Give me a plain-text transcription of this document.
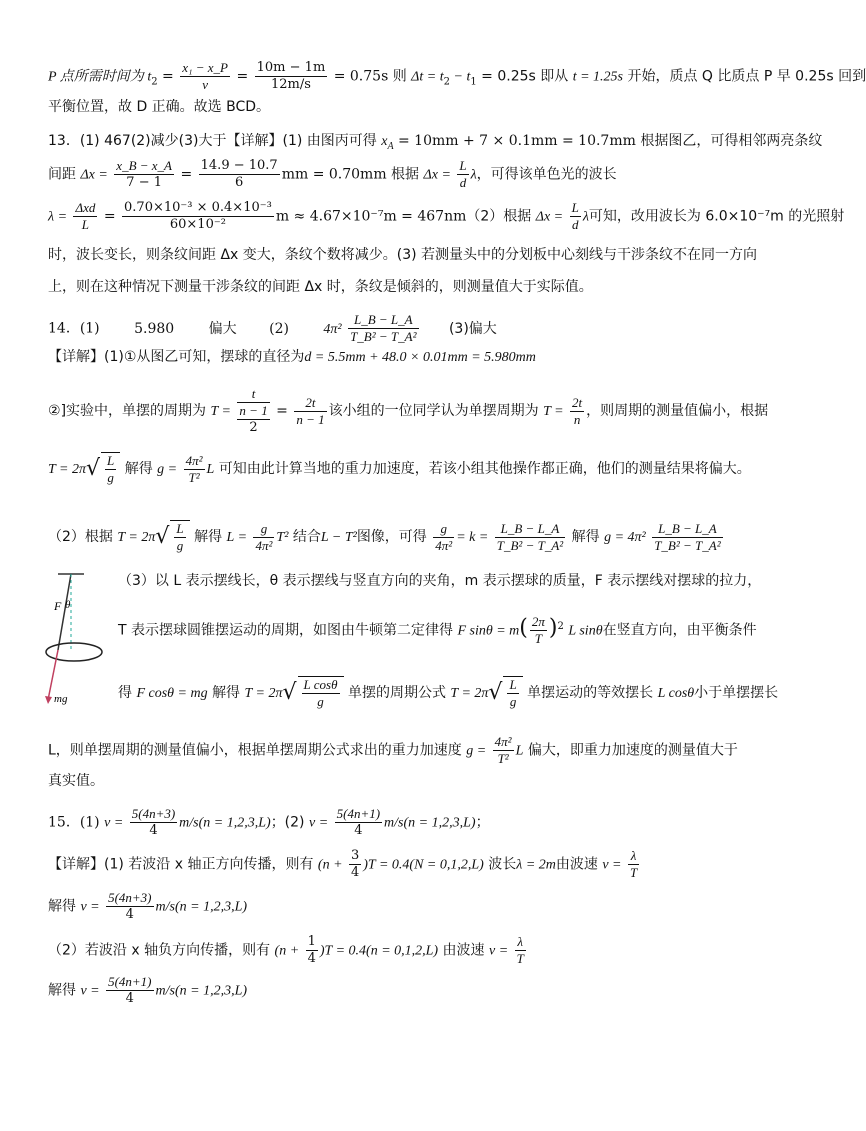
P 点所需时间为 $t_2 = \frac{\text{x₁ − x\_P}}{v} = \frac{10m - 1m}{12m/s} = 0.75s$ 则 $\Delta t = t_2 - t_1 = 0.25s$ 即从 t = 1.25s 开始，质点 Q 比质点 P 早 0.25s 回到
平衡位置，故 D 正确。故选 BCD。
13．(1) 467(2)减少(3)大于【详解】(1) 由图丙可得 $x_A = 10mm + 7 \times 0.1mm = 10.7mm$ 根据图乙，可得相邻两亮条纹
间距 $\Delta x = \frac{x\_B - x\_A}{7 - 1} = \frac{14.9 - 10.7}{6}$ mm = 0.70mm 根据 $\Delta x = \frac{L}{d}$ λ，可得该单色光的波长
$\lambda = \frac{\text{Δxd}}{L} = \frac{\text{0.70×10⁻³ × 0.4×10⁻³}}{\text{60×10⁻²}}$ m ≈ 4.67×10⁻⁷m = 467nm（2）根据 $\Delta x = \frac{L}{d}$ λ可知，改用波长为 6.0×10⁻⁷m 的光照射
时，波长变长，则条纹间距 Δx 变大，条纹个数将减少。(3) 若测量头中的分划板中心刻线与干涉条纹不在同一方向
上，则在这种情况下测量干涉条纹的间距 Δx 时，条纹是倾斜的，则测量值大于实际值。
14．(1) 5.980 偏大 (2) $4\pi^2 \frac{L\_B - L\_A}{\text{T\_B² − T\_A²}} (3)$偏大
【详解】(1)①从图乙可知，摆球的直径为d = 5.5mm + 48.0 × 0.01mm = 5.980mm
②]实验中，单摆的周期为 T =
t
n − 1
2
= $\frac{2t}{n - 1}$ 该小组的一位同学认为单摆周期为 $T = \frac{2t}{n}$ ，则周期的测量值偏小，根据
$T = 2\pi√ \frac{L}{g}$ 解得 $g = \frac{\text{4π²}}{\text{T²}}$ L 可知由此计算当地的重力加速度，若该小组其他操作都正确，他们的测量结果将偏大。
（2）根据 $T = 2\pi√ \frac{L}{g}$ 解得 $L = \frac{g}{\text{4π²}} T^2$ 结合L − T²图像，可得 $\frac{g}{\text{4π²}} = k = \frac{L\_B - L\_A}{\text{T\_B² − T\_A²}}$ 解得 $g = 4\pi^2 \frac{L\_B - L\_A}{\text{T\_B² − T\_A²}}$
F θ
mg
（3）以 L 表示摆线长，θ 表示摆线与竖直方向的夹角，m 表示摆球的质量，F 表示摆线对摆球的拉力，
T 表示摆球圆锥摆运动的周期，如图由牛顿第二定律得 F $\sin\theta = m( \frac{2\pi}{T} )^2$ L sinθ在竖直方向，由平衡条件
得 F cosθ = mg 解得 $T = 2\pi√ \frac{\text{L cosθ}}{g}$ 单摆的周期公式 $T = 2\pi√ \frac{L}{g}$ 单摆运动的等效摆长 L cosθ小于单摆摆长
L，则单摆周期的测量值偏小，根据单摆周期公式求出的重力加速度 $g = \frac{\text{4π²}}{\text{T²}}$ L 偏大，即重力加速度的测量值大于
真实值。
15．(1) $v = \frac{5(4n+3)}{4} m/s(n = 1,2,3,L)$；(2) $v = \frac{5(4n+1)}{4} m/s(n = 1,2,3,L)$；
【详解】(1) 若波沿 x 轴正方向传播，则有 $(n + \frac{3}{4} )T = 0.4(N = 0,1,2,L)$ 波长λ = 2m由波速 $v = \frac{\lambda}{T}$
解得 $v = \frac{5(4n+3)}{4} m/s(n = 1,2,3,L)$
（2）若波沿 x 轴负方向传播，则有 $(n + \frac{1}{4} )T = 0.4(n = 0,1,2,L)$ 由波速 $v = \frac{\lambda}{T}$
解得 $v = \frac{5(4n+1)}{4} m/s(n = 1,2,3,L)$
